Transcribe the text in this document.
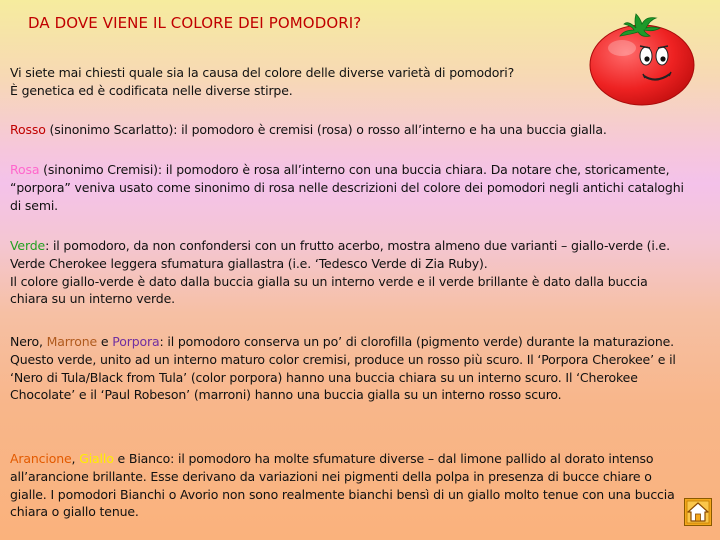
DA DOVE VIENE IL COLORE DEI POMODORI?

Vi siete mai chiesti quale sia la causa del colore delle diverse varietà di pomodori?
È genetica ed è codificata nelle diverse stirpe.

Rosso (sinonimo Scarlatto): il pomodoro è cremisi (rosa) o rosso all’interno e ha una buccia gialla.

Rosa (sinonimo Cremisi): il pomodoro è rosa all’interno con una buccia chiara. Da notare che, storicamente, “porpora” veniva usato come sinonimo di rosa nelle descrizioni del colore dei pomodori negli antichi cataloghi di semi.

Verde: il pomodoro, da non confondersi con un frutto acerbo, mostra almeno due varianti – giallo-verde (i.e. Verde Cherokee leggera sfumatura giallastra (i.e. ‘Tedesco Verde di Zia Ruby).
Il colore giallo-verde è dato dalla buccia gialla su un interno verde e il verde brillante è dato dalla buccia chiara su un interno verde.

Nero, Marrone e Porpora: il pomodoro conserva un po’ di clorofilla (pigmento verde) durante la maturazione. Questo verde, unito ad un interno maturo color cremisi, produce un rosso più scuro. Il ‘Porpora Cherokee’ e il ‘Nero di Tula/Black from Tula’ (color porpora) hanno una buccia chiara su un interno scuro. Il ‘Cherokee Chocolate’ e il ‘Paul Robeson’ (marroni) hanno una buccia gialla su un interno rosso scuro.

Arancione, Giallo e Bianco: il pomodoro ha molte sfumature diverse – dal limone pallido al dorato intenso all’arancione brillante. Esse derivano da variazioni nei pigmenti della polpa in presenza di bucce chiare o gialle. I pomodori Bianchi o Avorio non sono realmente bianchi bensì di un giallo molto tenue con una buccia chiara o giallo tenue.
